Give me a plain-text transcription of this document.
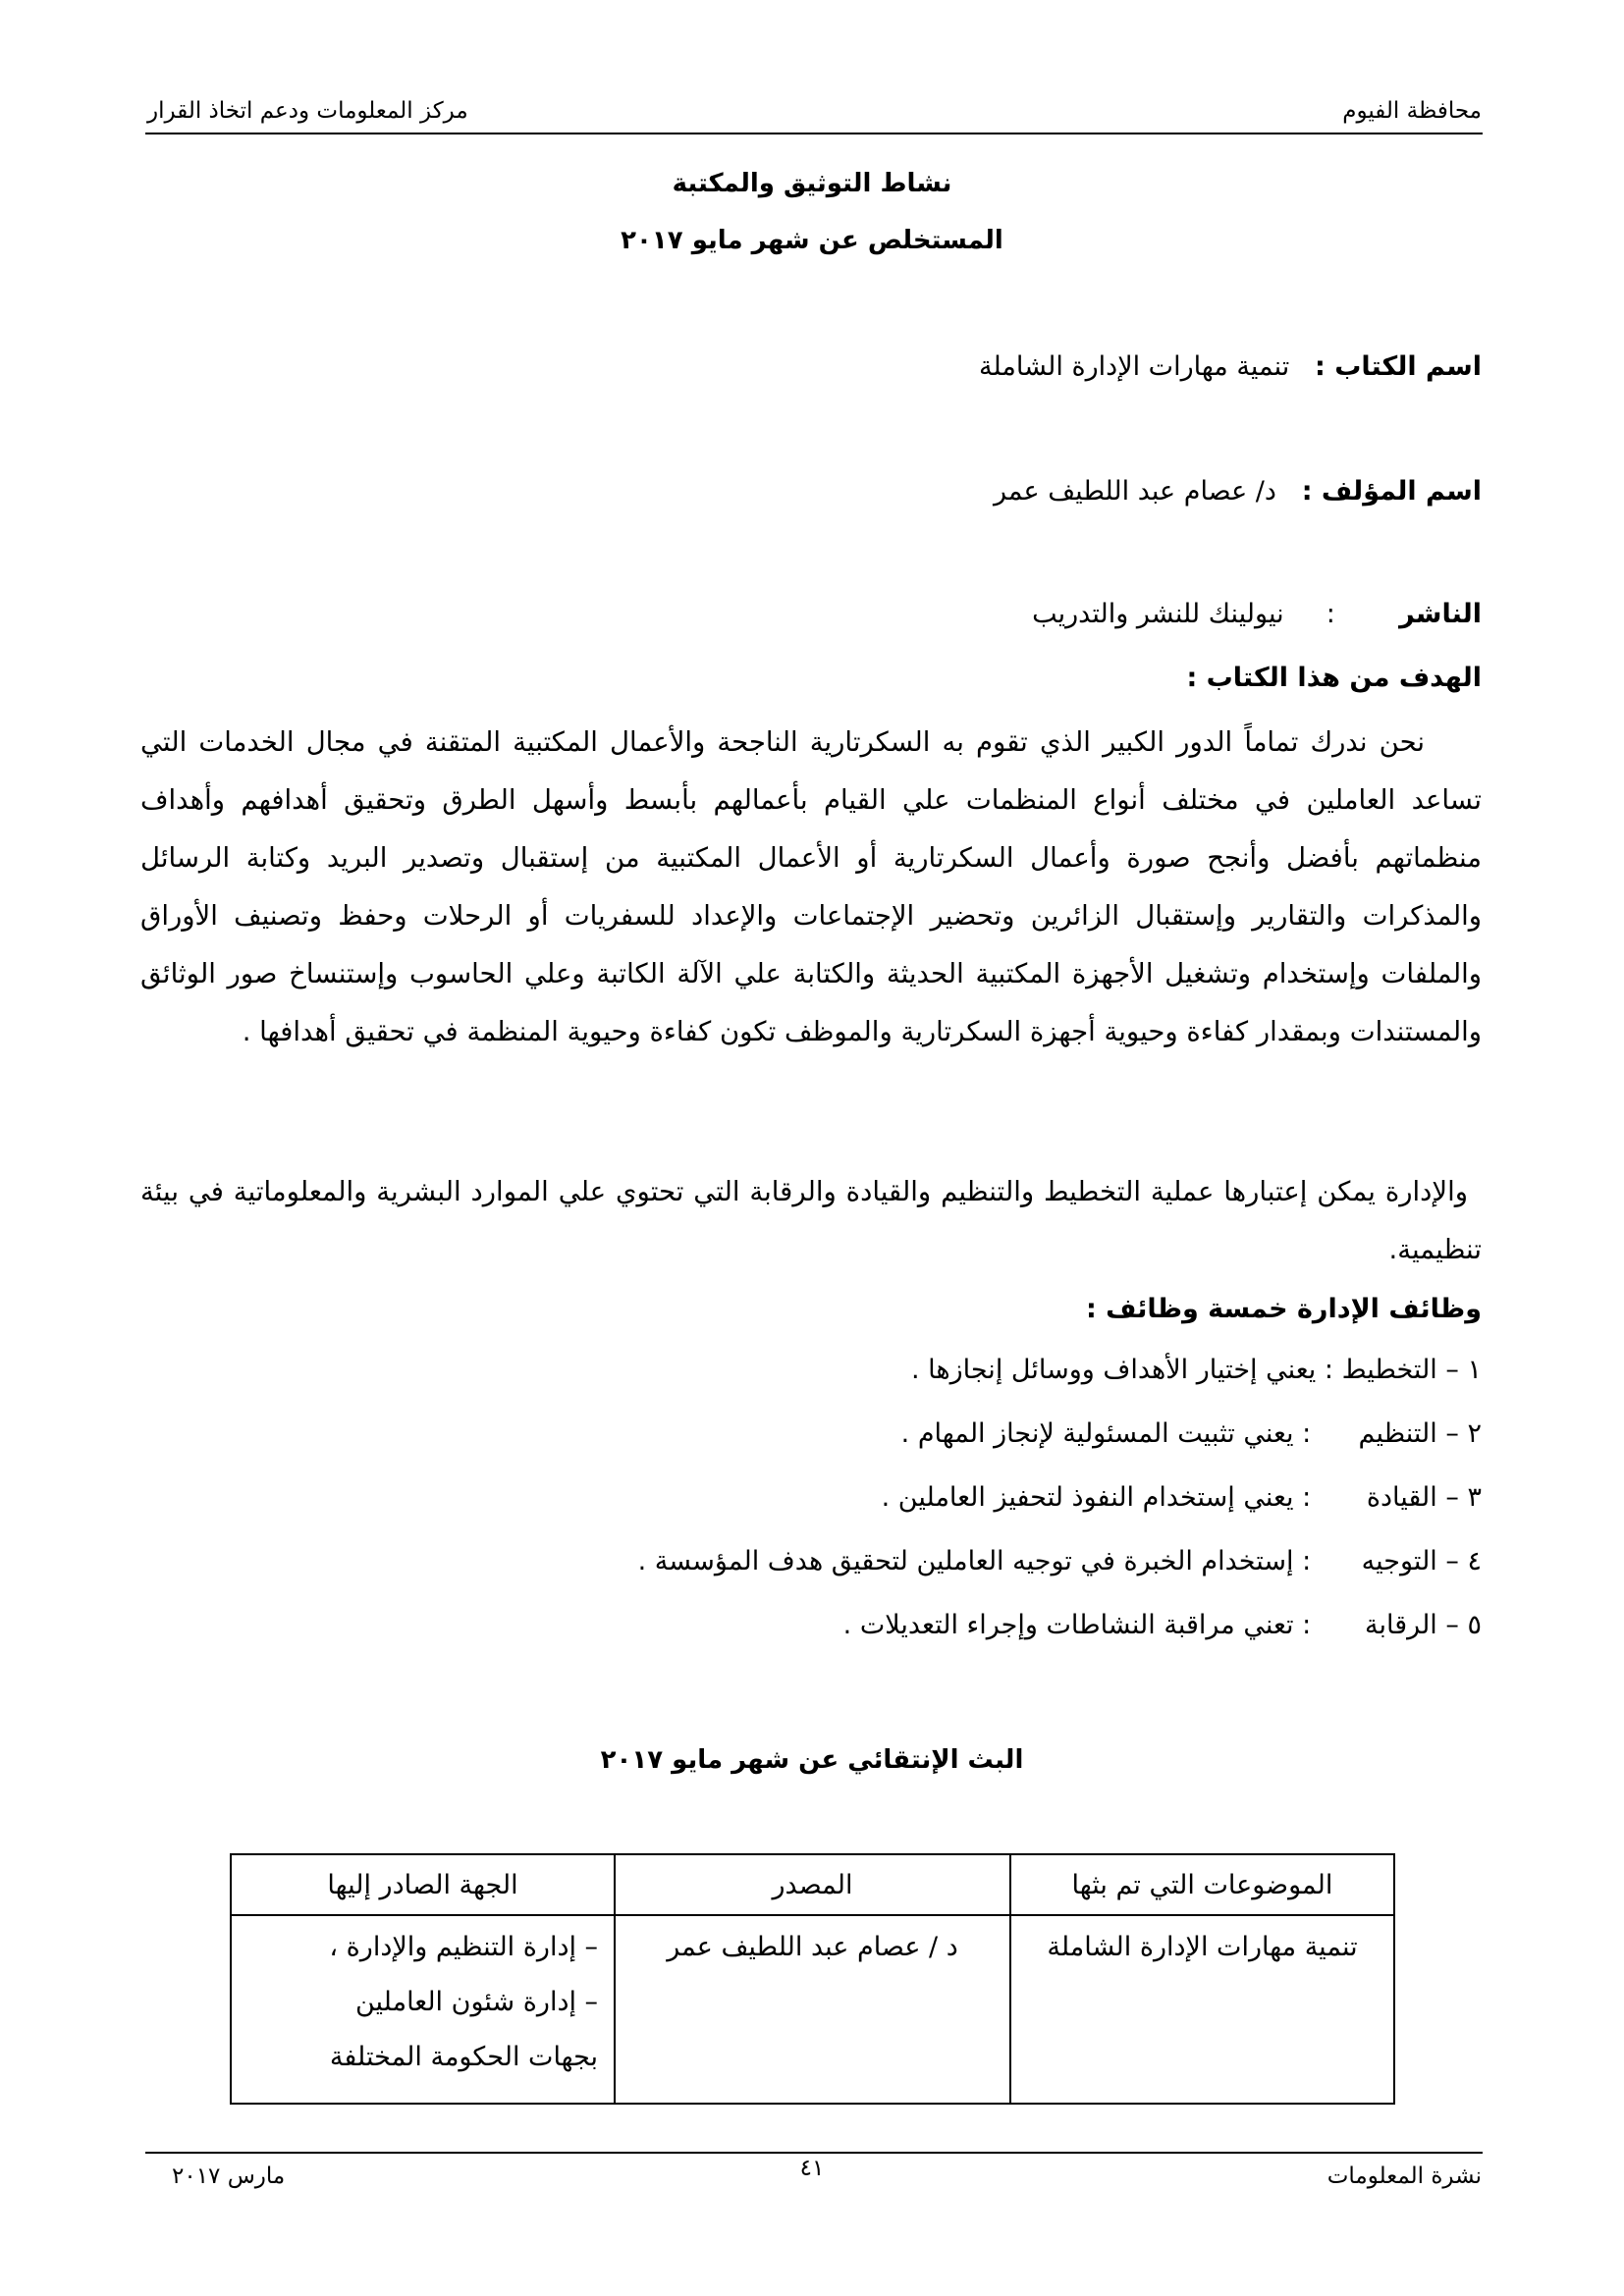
محافظة الفيوم
مركز المعلومات ودعم اتخاذ القرار
نشاط التوثيق والمكتبة
المستخلص عن شهر مايو ٢٠١٧
اسم الكتاب :   تنمية مهارات الإدارة الشاملة
اسم المؤلف :   د/ عصام عبد اللطيف عمر
الناشر  :  نيولينك للنشر والتدريب
الهدف من هذا الكتاب :
نحن ندرك تماماً الدور الكبير الذي تقوم به السكرتارية الناجحة والأعمال المكتبية المتقنة في مجال الخدمات التي تساعد العاملين في مختلف أنواع المنظمات علي القيام بأعمالهم بأبسط وأسهل الطرق وتحقيق أهدافهم وأهداف منظماتهم بأفضل وأنجح صورة وأعمال السكرتارية أو الأعمال المكتبية من إستقبال وتصدير البريد وكتابة الرسائل والمذكرات والتقارير وإستقبال الزائرين وتحضير الإجتماعات والإعداد للسفريات أو الرحلات وحفظ وتصنيف الأوراق والملفات وإستخدام وتشغيل الأجهزة المكتبية الحديثة والكتابة علي الآلة الكاتبة وعلي الحاسوب وإستنساخ صور الوثائق والمستندات وبمقدار كفاءة وحيوية أجهزة السكرتارية والموظف تكون كفاءة وحيوية المنظمة في تحقيق أهدافها .
والإدارة يمكن إعتبارها عملية التخطيط والتنظيم والقيادة والرقابة التي تحتوي علي الموارد البشرية والمعلوماتية في بيئة تنظيمية.
وظائف الإدارة خمسة وظائف :
١ – التخطيط : يعني إختيار الأهداف ووسائل إنجازها .
٢ – التنظيم : يعني تثبيت المسئولية لإنجاز المهام .
٣ – القيادة : يعني إستخدام النفوذ لتحفيز العاملين .
٤ – التوجيه : إستخدام الخبرة في توجيه العاملين لتحقيق هدف المؤسسة .
٥ – الرقابة : تعني مراقبة النشاطات وإجراء التعديلات .
البث الإنتقائي عن شهر مايو ٢٠١٧
الموضوعات التي تم بثها	المصدر	الجهة الصادر إليها
تنمية مهارات الإدارة الشاملة	د / عصام عبد اللطيف عمر	– إدارة التنظيم والإدارة ،
– إدارة شئون العاملين
بجهات الحكومة المختلفة
نشرة المعلومات
٤١
مارس ٢٠١٧
